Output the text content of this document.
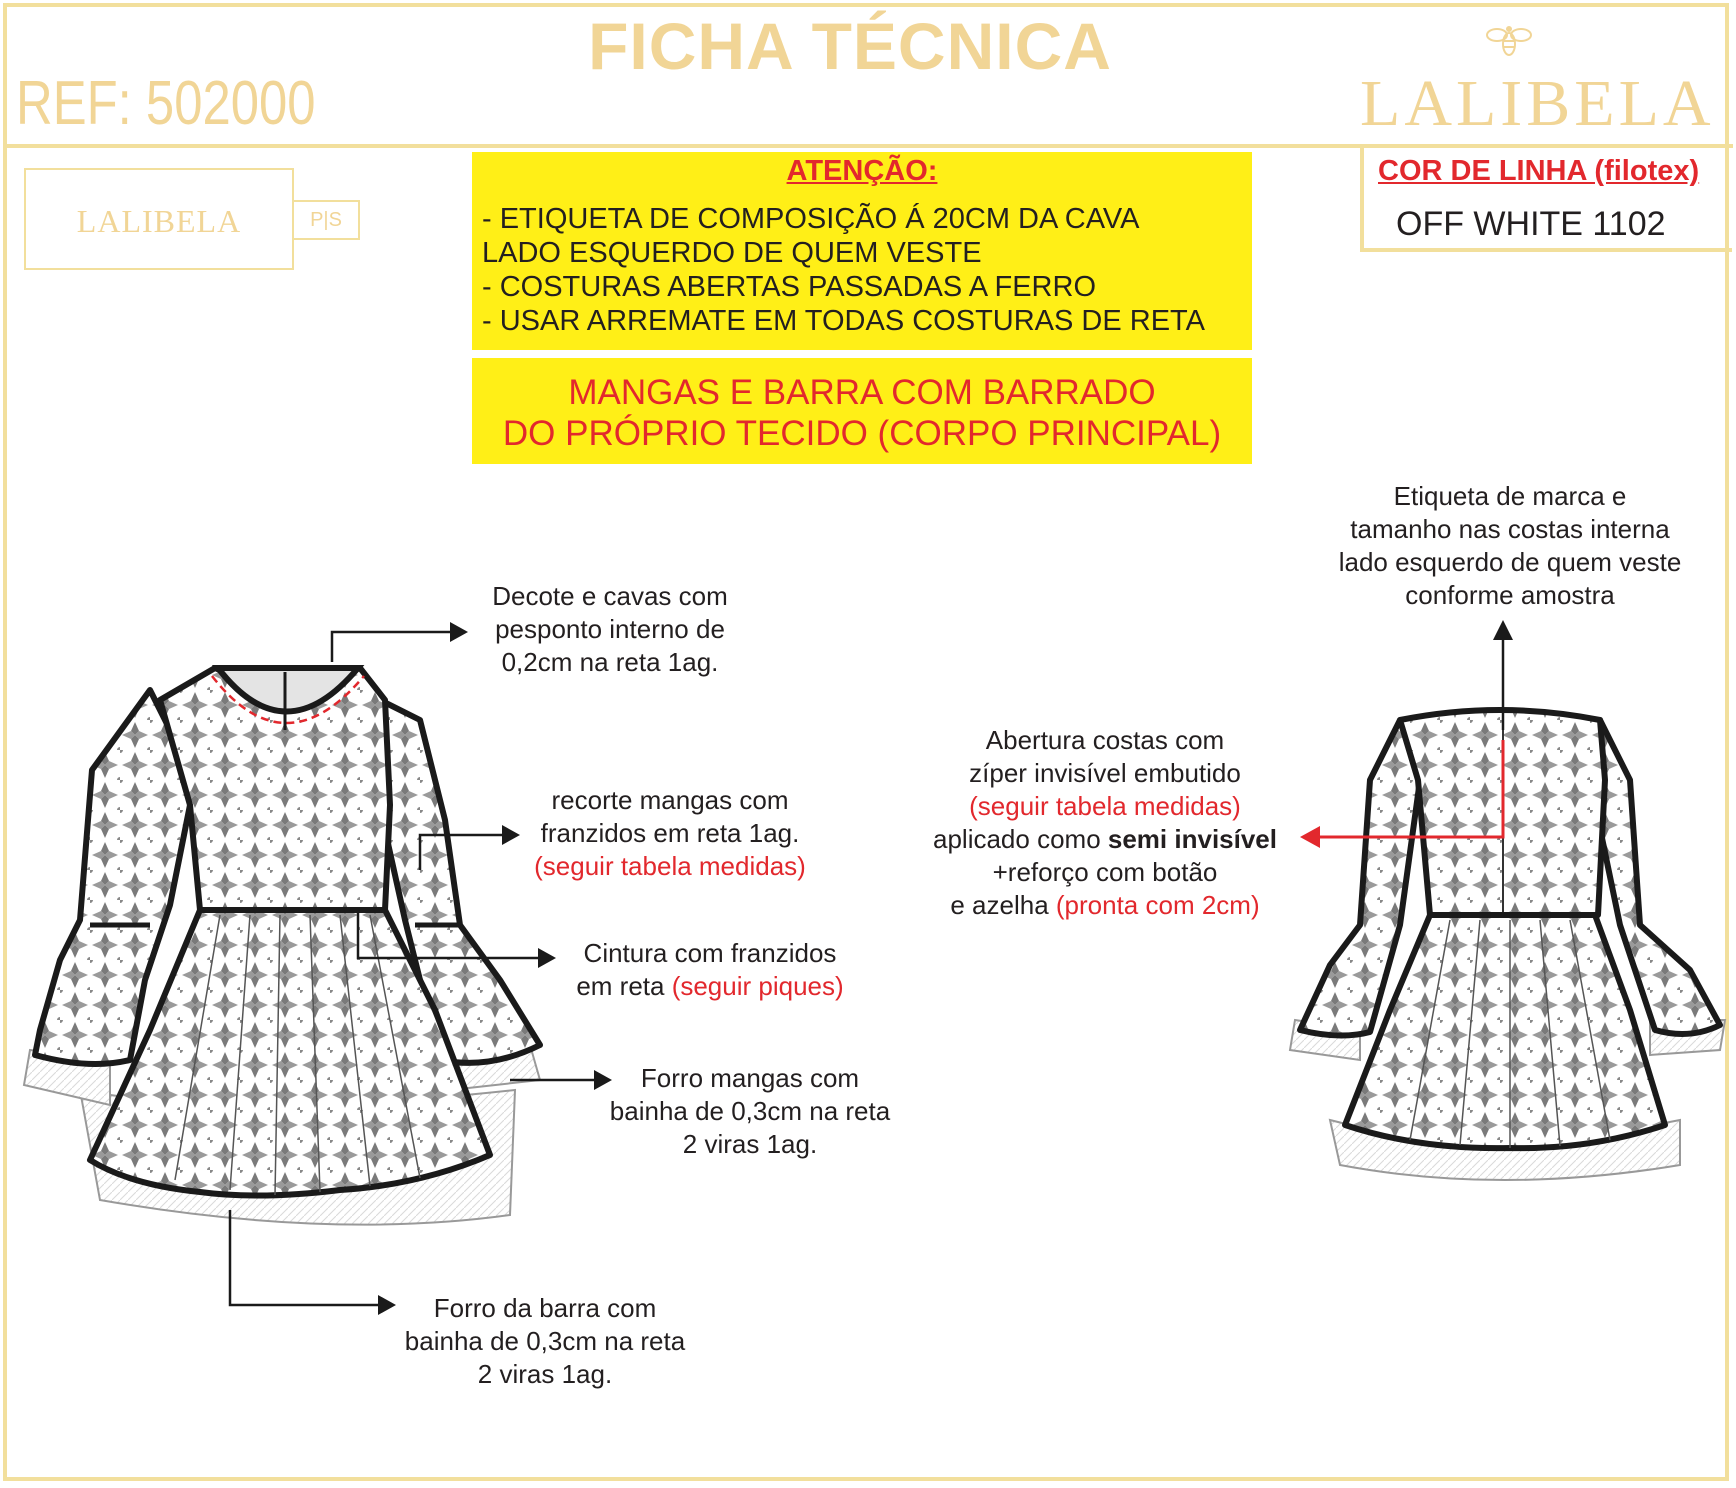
FICHA TÉCNICA
REF: 502000	LALIBELA
LALIBELA	P|S
ATENÇÃO:
- ETIQUETA DE COMPOSIÇÃO Á 20CM DA CAVA
LADO ESQUERDO DE QUEM VESTE
- COSTURAS ABERTAS PASSADAS A FERRO
- USAR ARREMATE EM TODAS COSTURAS DE RETA
MANGAS E BARRA COM BARRADO
DO PRÓPRIO TECIDO (CORPO PRINCIPAL)
COR DE LINHA (filotex)
OFF WHITE 1102
Decote e cavas com
pesponto interno de
0,2cm na reta 1ag.
recorte mangas com
franzidos em reta 1ag.
(seguir tabela medidas)
Cintura com franzidos
em reta (seguir piques)
Forro mangas com
bainha de 0,3cm na reta
2 viras 1ag.
Forro da barra com
bainha de 0,3cm na reta
2 viras 1ag.
Etiqueta de marca e
tamanho nas costas interna
lado esquerdo de quem veste
conforme amostra
Abertura costas com
zíper invisível embutido
(seguir tabela medidas)
aplicado como semi invisível
+reforço com botão
e azelha (pronta com 2cm)
